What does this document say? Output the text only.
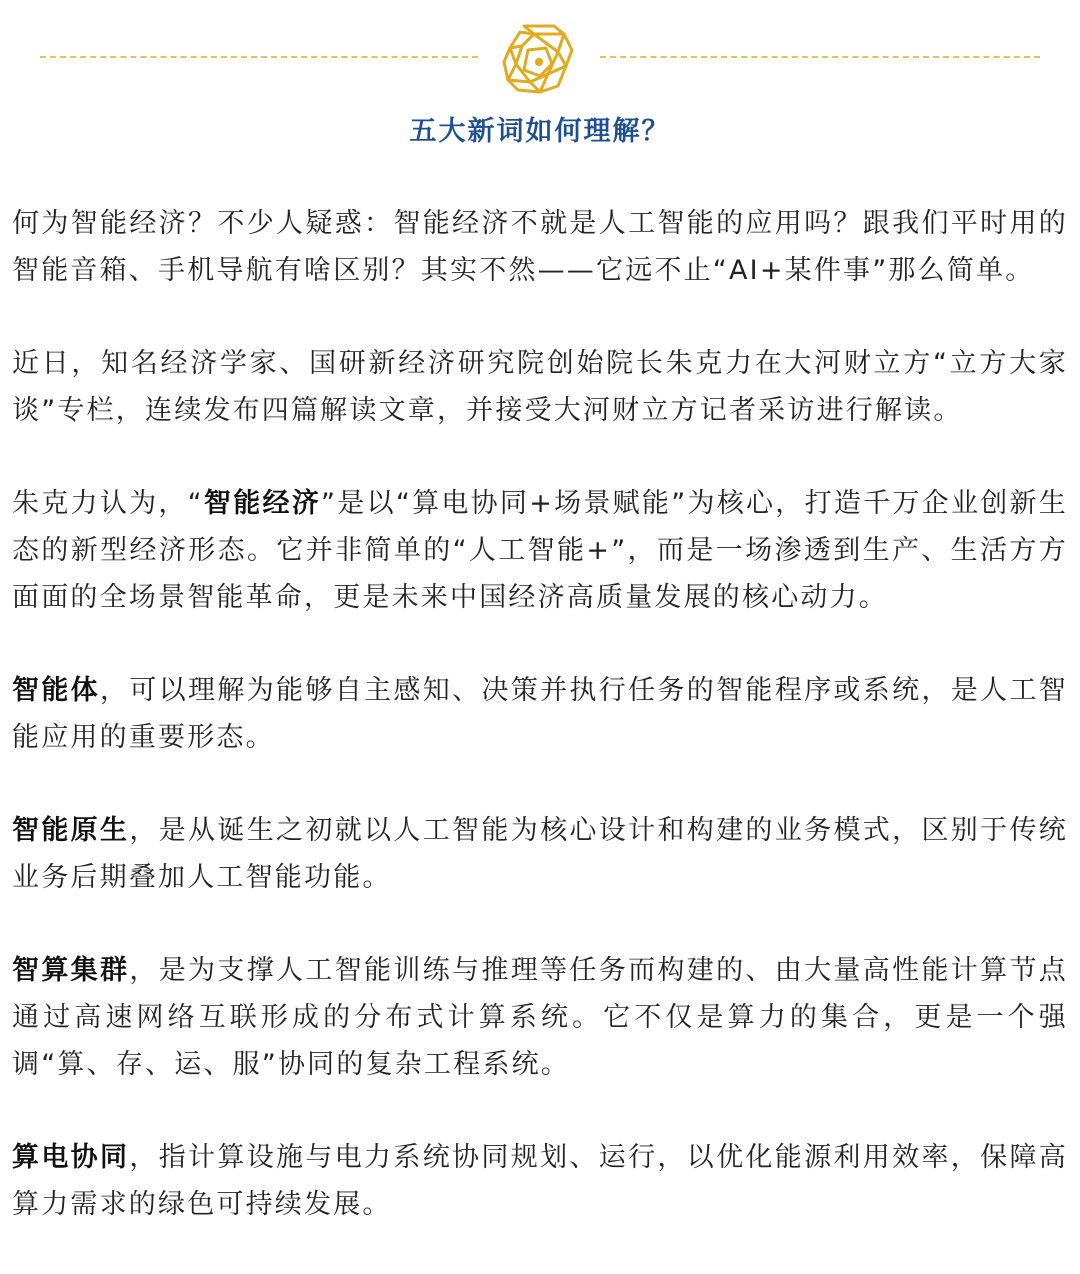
五大新词如何理解？

何为智能经济？不少人疑惑：智能经济不就是人工智能的应用吗？跟我们平时用的智能音箱、手机导航有啥区别？其实不然——它远不止“AI+某件事”那么简单。

近日，知名经济学家、国研新经济研究院创始院长朱克力在大河财立方“立方大家谈”专栏，连续发布四篇解读文章，并接受大河财立方记者采访进行解读。

朱克力认为，“智能经济”是以“算电协同+场景赋能”为核心，打造千万企业创新生态的新型经济形态。它并非简单的“人工智能+”，而是一场渗透到生产、生活方方面面的全场景智能革命，更是未来中国经济高质量发展的核心动力。

智能体，可以理解为能够自主感知、决策并执行任务的智能程序或系统，是人工智能应用的重要形态。

智能原生，是从诞生之初就以人工智能为核心设计和构建的业务模式，区别于传统业务后期叠加人工智能功能。

智算集群，是为支撑人工智能训练与推理等任务而构建的、由大量高性能计算节点通过高速网络互联形成的分布式计算系统。它不仅是算力的集合，更是一个强调“算、存、运、服”协同的复杂工程系统。

算电协同，指计算设施与电力系统协同规划、运行，以优化能源利用效率，保障高算力需求的绿色可持续发展。
